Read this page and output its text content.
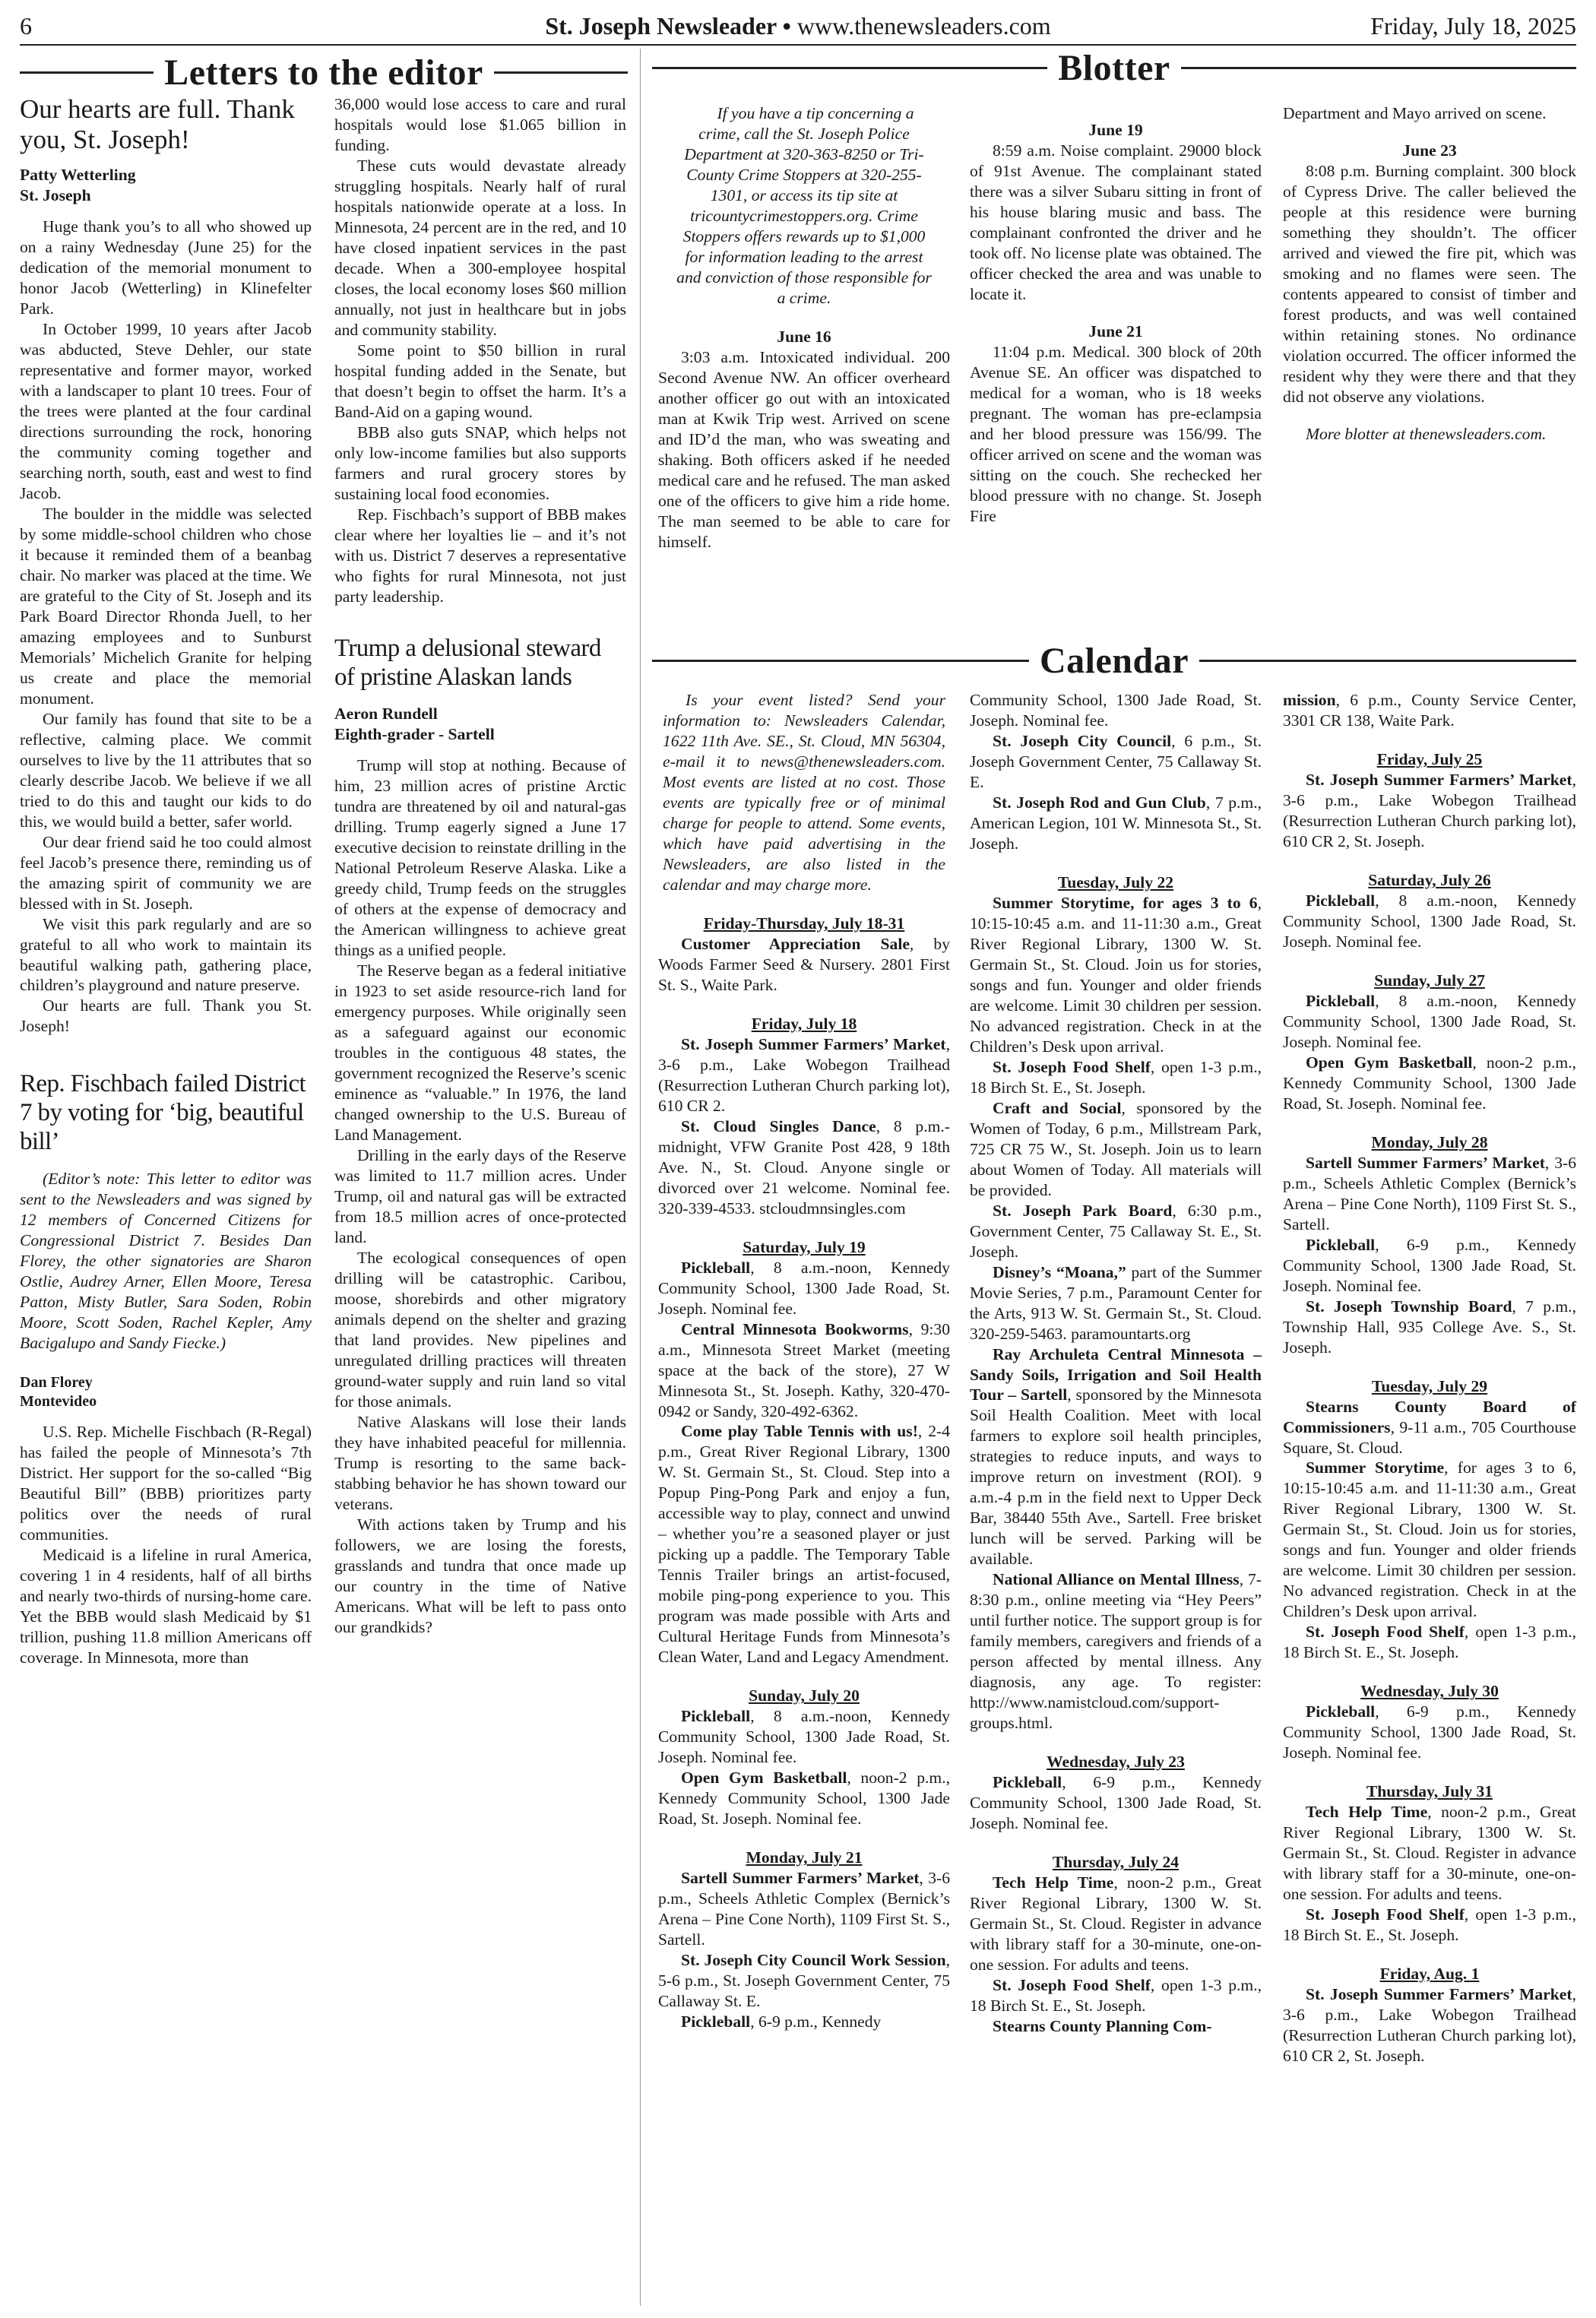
6	St. Joseph Newsleader • www.thenewsleaders.com	Friday, July 18, 2025
Letters to the editor	Blotter
Calendar

Our hearts are full. Thank you, St. Joseph!

Patty Wetterling
St. Joseph

Huge thank you’s to all who showed up on a rainy Wednesday (June 25) for the dedication of the memorial monument to honor Jacob (Wetterling) in Klinefelter Park.

In October 1999, 10 years after Jacob was abducted, Steve Dehler, our state representative and former mayor, worked with a landscaper to plant 10 trees. Four of the trees were planted at the four cardinal directions surrounding the rock, honoring the community coming together and searching north, south, east and west to find Jacob.

The boulder in the middle was selected by some middle-school children who chose it because it reminded them of a beanbag chair. No marker was placed at the time. We are grateful to the City of St. Joseph and its Park Board Director Rhonda Juell, to her amazing employees and to Sunburst Memorials’ Michelich Granite for helping us create and place the memorial monument.

Our family has found that site to be a reflective, calming place. We commit ourselves to live by the 11 attributes that so clearly describe Jacob. We believe if we all tried to do this and taught our kids to do this, we would build a better, safer world.

Our dear friend said he too could almost feel Jacob’s presence there, reminding us of the amazing spirit of community we are blessed with in St. Joseph.

We visit this park regularly and are so grateful to all who work to maintain its beautiful walking path, gathering place, children’s playground and nature preserve.

Our hearts are full. Thank you St. Joseph!

Rep. Fischbach failed District 7 by voting for ‘big, beautiful bill’

(Editor’s note: This letter to editor was sent to the Newsleaders and was signed by 12 members of Concerned Citizens for Congressional District 7. Besides Dan Florey, the other signatories are Sharon Ostlie, Audrey Arner, Ellen Moore, Teresa Patton, Misty Butler, Sara Soden, Robin Moore, Scott Soden, Rachel Kepler, Amy Bacigalupo and Sandy Fiecke.)

Dan Florey
Montevideo

U.S. Rep. Michelle Fischbach (R-Regal) has failed the people of Minnesota’s 7th District. Her support for the so-called “Big Beautiful Bill” (BBB) prioritizes party politics over the needs of rural communities.

Medicaid is a lifeline in rural America, covering 1 in 4 residents, half of all births and nearly two-thirds of nursing-home care. Yet the BBB would slash Medicaid by $1 trillion, pushing 11.8 million Americans off coverage. In Minnesota, more than

36,000 would lose access to care and rural hospitals would lose $1.065 billion in funding.

These cuts would devastate already struggling hospitals. Nearly half of rural hospitals nationwide operate at a loss. In Minnesota, 24 percent are in the red, and 10 have closed inpatient services in the past decade. When a 300-employee hospital closes, the local economy loses $60 million annually, not just in healthcare but in jobs and community stability.

Some point to $50 billion in rural hospital funding added in the Senate, but that doesn’t begin to offset the harm. It’s a Band-Aid on a gaping wound.

BBB also guts SNAP, which helps not only low-income families but also supports farmers and rural grocery stores by sustaining local food economies.

Rep. Fischbach’s support of BBB makes clear where her loyalties lie – and it’s not with us. District 7 deserves a representative who fights for rural Minnesota, not just party leadership.

Trump a delusional steward of pristine Alaskan lands

Aeron Rundell
Eighth-grader - Sartell

Trump will stop at nothing. Because of him, 23 million acres of pristine Arctic tundra are threatened by oil and natural-gas drilling. Trump eagerly signed a June 17 executive decision to reinstate drilling in the National Petroleum Reserve Alaska. Like a greedy child, Trump feeds on the struggles of others at the expense of democracy and the American willingness to achieve great things as a unified people.

The Reserve began as a federal initiative in 1923 to set aside resource-rich land for emergency purposes. While originally seen as a safeguard against our economic troubles in the contiguous 48 states, the government recognized the Reserve’s scenic eminence as “valuable.” In 1976, the land changed ownership to the U.S. Bureau of Land Management.

Drilling in the early days of the Reserve was limited to 11.7 million acres. Under Trump, oil and natural gas will be extracted from 18.5 million acres of once-protected land.

The ecological consequences of open drilling will be catastrophic. Caribou, moose, shorebirds and other migratory animals depend on the shelter and grazing that land provides. New pipelines and unregulated drilling practices will threaten ground-water supply and ruin land so vital for those animals.

Native Alaskans will lose their lands they have inhabited peaceful for millennia. Trump is resorting to the same back-stabbing behavior he has shown toward our veterans.

With actions taken by Trump and his followers, we are losing the forests, grasslands and tundra that once made up our country in the time of Native Americans. What will be left to pass onto our grandkids?

If you have a tip concerning a crime, call the St. Joseph Police Department at 320-363-8250 or Tri-County Crime Stoppers at 320-255-1301, or access its tip site at tricountycrimestoppers.org. Crime Stoppers offers rewards up to $1,000 for information leading to the arrest and conviction of those responsible for a crime.

June 16

3:03 a.m. Intoxicated individual. 200 Second Avenue NW. An officer overheard another officer go out with an intoxicated man at Kwik Trip west. Arrived on scene and ID’d the man, who was sweating and shaking. Both officers asked if he needed medical care and he refused. The man asked one of the officers to give him a ride home. The man seemed to be able to care for himself.

June 19

8:59 a.m. Noise complaint. 29000 block of 91st Avenue. The complainant stated there was a silver Subaru sitting in front of his house blaring music and bass. The complainant confronted the driver and he took off. No license plate was obtained. The officer checked the area and was unable to locate it.

June 21

11:04 p.m. Medical. 300 block of 20th Avenue SE. An officer was dispatched to medical for a woman, who is 18 weeks pregnant. The woman has pre-eclampsia and her blood pressure was 156/99. The officer arrived on scene and the woman was sitting on the couch. She rechecked her blood pressure with no change. St. Joseph Fire

Department and Mayo arrived on scene.

June 23

8:08 p.m. Burning complaint. 300 block of Cypress Drive. The caller believed the people at this residence were burning something they shouldn’t. The officer arrived and viewed the fire pit, which was smoking and no flames were seen. The contents appeared to consist of timber and forest products, and was well contained within retaining stones. No ordinance violation occurred. The officer informed the resident why they were there and that they did not observe any violations.

More blotter at thenewsleaders.com.

Is your event listed? Send your information to: Newsleaders Calendar, 1622 11th Ave. SE., St. Cloud, MN 56304, e-mail it to news@thenewsleaders.com. Most events are listed at no cost. Those events are typically free or of minimal charge for people to attend. Some events, which have paid advertising in the Newsleaders, are also listed in the calendar and may charge more.

Friday-Thursday, July 18-31

Customer Appreciation Sale, by Woods Farmer Seed & Nursery. 2801 First St. S., Waite Park.

Friday, July 18

St. Joseph Summer Farmers’ Market, 3-6 p.m., Lake Wobegon Trailhead (Resurrection Lutheran Church parking lot), 610 CR 2.

St. Cloud Singles Dance, 8 p.m.-midnight, VFW Granite Post 428, 9 18th Ave. N., St. Cloud. Anyone single or divorced over 21 welcome. Nominal fee. 320-339-4533. stcloudmnsingles.com

Saturday, July 19

Pickleball, 8 a.m.-noon, Kennedy Community School, 1300 Jade Road, St. Joseph. Nominal fee.

Central Minnesota Bookworms, 9:30 a.m., Minnesota Street Market (meeting space at the back of the store), 27 W Minnesota St., St. Joseph. Kathy, 320-470-0942 or Sandy, 320-492-6362.

Come play Table Tennis with us!, 2-4 p.m., Great River Regional Library, 1300 W. St. Germain St., St. Cloud. Step into a Popup Ping-Pong Park and enjoy a fun, accessible way to play, connect and unwind – whether you’re a seasoned player or just picking up a paddle. The Temporary Table Tennis Trailer brings an artist-focused, mobile ping-pong experience to you. This program was made possible with Arts and Cultural Heritage Funds from Minnesota’s Clean Water, Land and Legacy Amendment.

Sunday, July 20

Pickleball, 8 a.m.-noon, Kennedy Community School, 1300 Jade Road, St. Joseph. Nominal fee.

Open Gym Basketball, noon-2 p.m., Kennedy Community School, 1300 Jade Road, St. Joseph. Nominal fee.

Monday, July 21

Sartell Summer Farmers’ Market, 3-6 p.m., Scheels Athletic Complex (Bernick’s Arena – Pine Cone North), 1109 First St. S., Sartell.

St. Joseph City Council Work Session, 5-6 p.m., St. Joseph Government Center, 75 Callaway St. E.

Pickleball, 6-9 p.m., Kennedy

Community School, 1300 Jade Road, St. Joseph. Nominal fee.

St. Joseph City Council, 6 p.m., St. Joseph Government Center, 75 Callaway St. E.

St. Joseph Rod and Gun Club, 7 p.m., American Legion, 101 W. Minnesota St., St. Joseph.

Tuesday, July 22

Summer Storytime, for ages 3 to 6, 10:15-10:45 a.m. and 11-11:30 a.m., Great River Regional Library, 1300 W. St. Germain St., St. Cloud. Join us for stories, songs and fun. Younger and older friends are welcome. Limit 30 children per session. No advanced registration. Check in at the Children’s Desk upon arrival.

St. Joseph Food Shelf, open 1-3 p.m., 18 Birch St. E., St. Joseph.

Craft and Social, sponsored by the Women of Today, 6 p.m., Millstream Park, 725 CR 75 W., St. Joseph. Join us to learn about Women of Today. All materials will be provided.

St. Joseph Park Board, 6:30 p.m., Government Center, 75 Callaway St. E., St. Joseph.

Disney’s “Moana,” part of the Summer Movie Series, 7 p.m., Paramount Center for the Arts, 913 W. St. Germain St., St. Cloud. 320-259-5463. paramountarts.org

Ray Archuleta Central Minnesota – Sandy Soils, Irrigation and Soil Health Tour – Sartell, sponsored by the Minnesota Soil Health Coalition. Meet with local farmers to explore soil health principles, strategies to reduce inputs, and ways to improve return on investment (ROI). 9 a.m.-4 p.m in the field next to Upper Deck Bar, 38440 55th Ave., Sartell. Free brisket lunch will be served. Parking will be available.

National Alliance on Mental Illness, 7-8:30 p.m., online meeting via “Hey Peers” until further notice. The support group is for family members, caregivers and friends of a person affected by mental illness. Any diagnosis, any age. To register: http://www.namistcloud.com/support-groups.html.

Wednesday, July 23

Pickleball, 6-9 p.m., Kennedy Community School, 1300 Jade Road, St. Joseph. Nominal fee.

Thursday, July 24

Tech Help Time, noon-2 p.m., Great River Regional Library, 1300 W. St. Germain St., St. Cloud. Register in advance with library staff for a 30-minute, one-on-one session. For adults and teens.

St. Joseph Food Shelf, open 1-3 p.m., 18 Birch St. E., St. Joseph.

Stearns County Planning Com-

mission, 6 p.m., County Service Center, 3301 CR 138, Waite Park.

Friday, July 25

St. Joseph Summer Farmers’ Market, 3-6 p.m., Lake Wobegon Trailhead (Resurrection Lutheran Church parking lot), 610 CR 2, St. Joseph.

Saturday, July 26

Pickleball, 8 a.m.-noon, Kennedy Community School, 1300 Jade Road, St. Joseph. Nominal fee.

Sunday, July 27

Pickleball, 8 a.m.-noon, Kennedy Community School, 1300 Jade Road, St. Joseph. Nominal fee.

Open Gym Basketball, noon-2 p.m., Kennedy Community School, 1300 Jade Road, St. Joseph. Nominal fee.

Monday, July 28

Sartell Summer Farmers’ Market, 3-6 p.m., Scheels Athletic Complex (Bernick’s Arena – Pine Cone North), 1109 First St. S., Sartell.

Pickleball, 6-9 p.m., Kennedy Community School, 1300 Jade Road, St. Joseph. Nominal fee.

St. Joseph Township Board, 7 p.m., Township Hall, 935 College Ave. S., St. Joseph.

Tuesday, July 29

Stearns County Board of Commissioners, 9-11 a.m., 705 Courthouse Square, St. Cloud.

Summer Storytime, for ages 3 to 6, 10:15-10:45 a.m. and 11-11:30 a.m., Great River Regional Library, 1300 W. St. Germain St., St. Cloud. Join us for stories, songs and fun. Younger and older friends are welcome. Limit 30 children per session. No advanced registration. Check in at the Children’s Desk upon arrival.

St. Joseph Food Shelf, open 1-3 p.m., 18 Birch St. E., St. Joseph.

Wednesday, July 30

Pickleball, 6-9 p.m., Kennedy Community School, 1300 Jade Road, St. Joseph. Nominal fee.

Thursday, July 31

Tech Help Time, noon-2 p.m., Great River Regional Library, 1300 W. St. Germain St., St. Cloud. Register in advance with library staff for a 30-minute, one-on-one session. For adults and teens.

St. Joseph Food Shelf, open 1-3 p.m., 18 Birch St. E., St. Joseph.

Friday, Aug. 1

St. Joseph Summer Farmers’ Market, 3-6 p.m., Lake Wobegon Trailhead (Resurrection Lutheran Church parking lot), 610 CR 2, St. Joseph.
